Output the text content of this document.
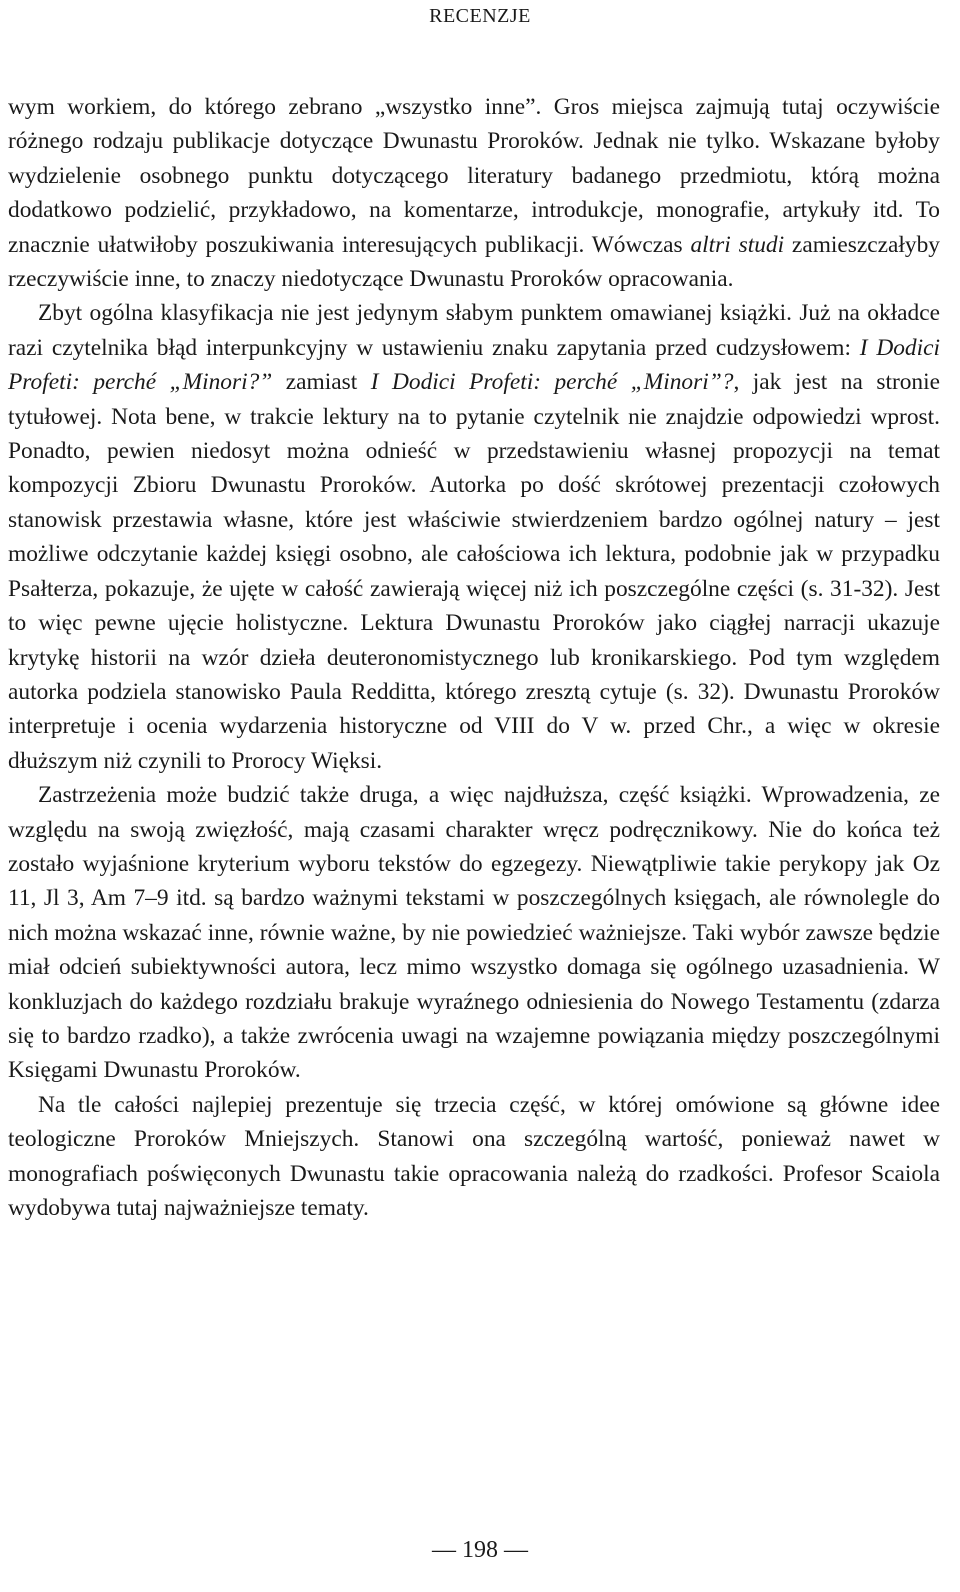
RECENZJE

wym workiem, do którego zebrano „wszystko inne”. Gros miejsca zajmują tutaj oczywiście różnego rodzaju publikacje dotyczące Dwunastu Proroków. Jednak nie tylko. Wskazane byłoby wydzielenie osobnego punktu dotyczącego literatury badanego przedmiotu, którą można dodatkowo podzielić, przykładowo, na komentarze, introdukcje, monografie, artykuły itd. To znacznie ułatwiłoby poszukiwania interesujących publikacji. Wówczas altri studi zamieszczałyby rzeczywiście inne, to znaczy niedotyczące Dwunastu Proroków opracowania.

Zbyt ogólna klasyfikacja nie jest jedynym słabym punktem omawianej książki. Już na okładce razi czytelnika błąd interpunkcyjny w ustawieniu znaku zapytania przed cudzysłowem: I Dodici Profeti: perché „Minori?” zamiast I Dodici Profeti: perché „Minori”?, jak jest na stronie tytułowej. Nota bene, w trakcie lektury na to pytanie czytelnik nie znajdzie odpowiedzi wprost. Ponadto, pewien niedosyt można odnieść w przedstawieniu własnej propozycji na temat kompozycji Zbioru Dwunastu Proroków. Autorka po dość skrótowej prezentacji czołowych stanowisk przestawia własne, które jest właściwie stwierdzeniem bardzo ogólnej natury – jest możliwe odczytanie każdej księgi osobno, ale całościowa ich lektura, podobnie jak w przypadku Psałterza, pokazuje, że ujęte w całość zawierają więcej niż ich poszczególne części (s. 31-32). Jest to więc pewne ujęcie holistyczne. Lektura Dwunastu Proroków jako ciągłej narracji ukazuje krytykę historii na wzór dzieła deuteronomistycznego lub kronikarskiego. Pod tym względem autorka podziela stanowisko Paula Redditta, którego zresztą cytuje (s. 32). Dwunastu Proroków interpretuje i ocenia wydarzenia historyczne od VIII do V w. przed Chr., a więc w okresie dłuższym niż czynili to Prorocy Więksi.

Zastrzeżenia może budzić także druga, a więc najdłuższa, część książki. Wprowadzenia, ze względu na swoją zwięzłość, mają czasami charakter wręcz podręcznikowy. Nie do końca też zostało wyjaśnione kryterium wyboru tekstów do egzegezy. Niewątpliwie takie perykopy jak Oz 11, Jl 3, Am 7–9 itd. są bardzo ważnymi tekstami w poszczególnych księgach, ale równolegle do nich można wskazać inne, równie ważne, by nie powiedzieć ważniejsze. Taki wybór zawsze będzie miał odcień subiektywności autora, lecz mimo wszystko domaga się ogólnego uzasadnienia. W konkluzjach do każdego rozdziału brakuje wyraźnego odniesienia do Nowego Testamentu (zdarza się to bardzo rzadko), a także zwrócenia uwagi na wzajemne powiązania między poszczególnymi Księgami Dwunastu Proroków.

Na tle całości najlepiej prezentuje się trzecia część, w której omówione są główne idee teologiczne Proroków Mniejszych. Stanowi ona szczególną wartość, ponieważ nawet w monografiach poświęconych Dwunastu takie opracowania należą do rzadkości. Profesor Scaiola wydobywa tutaj najważniejsze tematy.

— 198 —
